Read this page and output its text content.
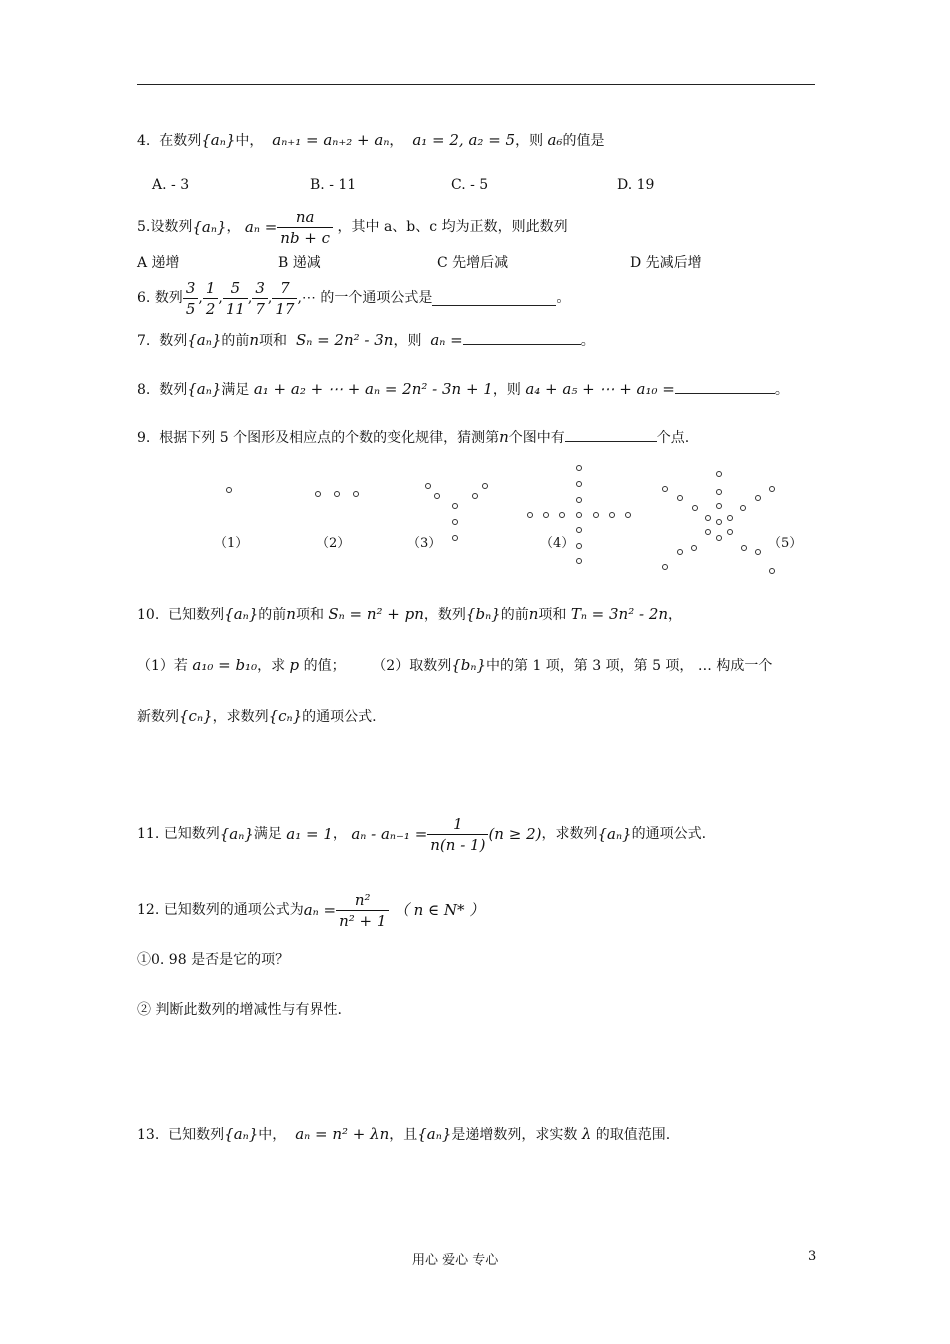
4. 在数列{aₙ}中， aₙ₊₁ = aₙ₊₂ + aₙ， a₁ = 2, a₂ = 5，则 a₆的值是
A. - 3	B. - 11	C. - 5	D. 19
5. 设数列 {aₙ} ，
$a_n = \frac{na}{nb + c}$
，其中 a、b、c 均为正数，则此数列
A 递增	B 递减	C 先增后减	D 先减后增
6.
数列 $\frac{3}{5}$ , $\frac{1}{2}$ , $\frac{5}{11}$ , $\frac{3}{7}$ , $\frac{7}{17}$ ,⋯
的一个通项公式是	。
7. 数列{aₙ}的前n项和 Sₙ = 2n² - 3n，则 aₙ =	。
8. 数列{aₙ}满足 a₁ + a₂ + ⋯ + aₙ = 2n² - 3n + 1，则 a₄ + a₅ + ⋯ + a₁₀ =	。
9. 根据下列 5 个图形及相应点的个数的变化规律，猜测第n个图中有	个点.
（1）	（2）	（3）	（4）	（5）
10. 已知数列{aₙ}的前n项和 Sₙ = n² + pn，数列{bₙ}的前n项和 Tₙ = 3n² - 2n，
（1）若 a₁₀ = b₁₀，求 p 的值； （2）取数列{bₙ}中的第 1 项，第 3 项，第 5 项， … 构成一个
新数列{cₙ}，求数列{cₙ}的通项公式.
11.
已知数列 {aₙ} 满足
a₁ = 1 ，
$a_n - a_{n-1} = \frac{1}{n(n - 1)} (n \ge 2)$ ，求数列 {aₙ} 的通项公式.
12.
已知数列的通项公式为 $a_n = \frac{\text{n²}}{\text{n² + 1}}$
（ n ∈ N* ）
①0. 98 是否是它的项？
② 判断此数列的增减性与有界性.
13. 已知数列{aₙ}中， aₙ = n² + λn，且{aₙ}是递增数列，求实数 λ 的取值范围.
用心 爱心 专心	3
